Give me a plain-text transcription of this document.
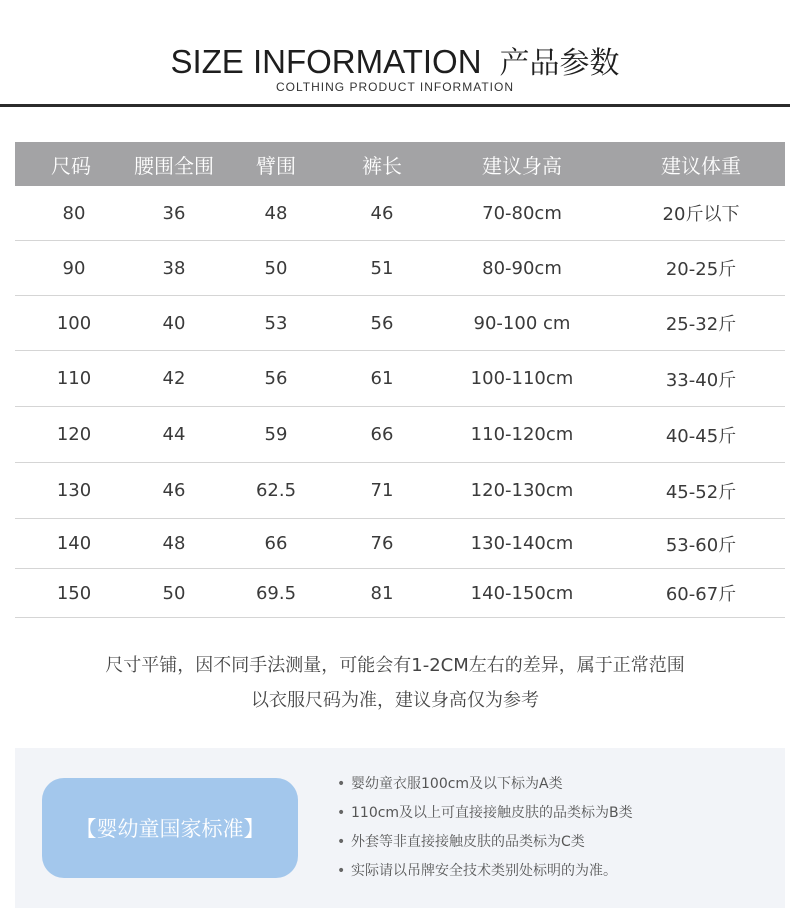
SIZE INFORMATION 产品参数
COLTHING PRODUCT INFORMATION
尺码	腰围全围	臂围	裤长	建议身高	建议体重
80	36	48	46	70-80cm	20斤以下
90	38	50	51	80-90cm	20-25斤
100	40	53	56	90-100 cm	25-32斤
110	42	56	61	100-110cm	33-40斤
120	44	59	66	110-120cm	40-45斤
130	46	62.5	71	120-130cm	45-52斤
140	48	66	76	130-140cm	53-60斤
150	50	69.5	81	140-150cm	60-67斤
尺寸平铺，因不同手法测量，可能会有1-2CM左右的差异，属于正常范围
以衣服尺码为准，建议身高仅为参考
【婴幼童国家标准】
• 婴幼童衣服100cm及以下标为A类
• 110cm及以上可直接接触皮肤的品类标为B类
• 外套等非直接接触皮肤的品类标为C类
• 实际请以吊牌安全技术类别处标明的为准。
